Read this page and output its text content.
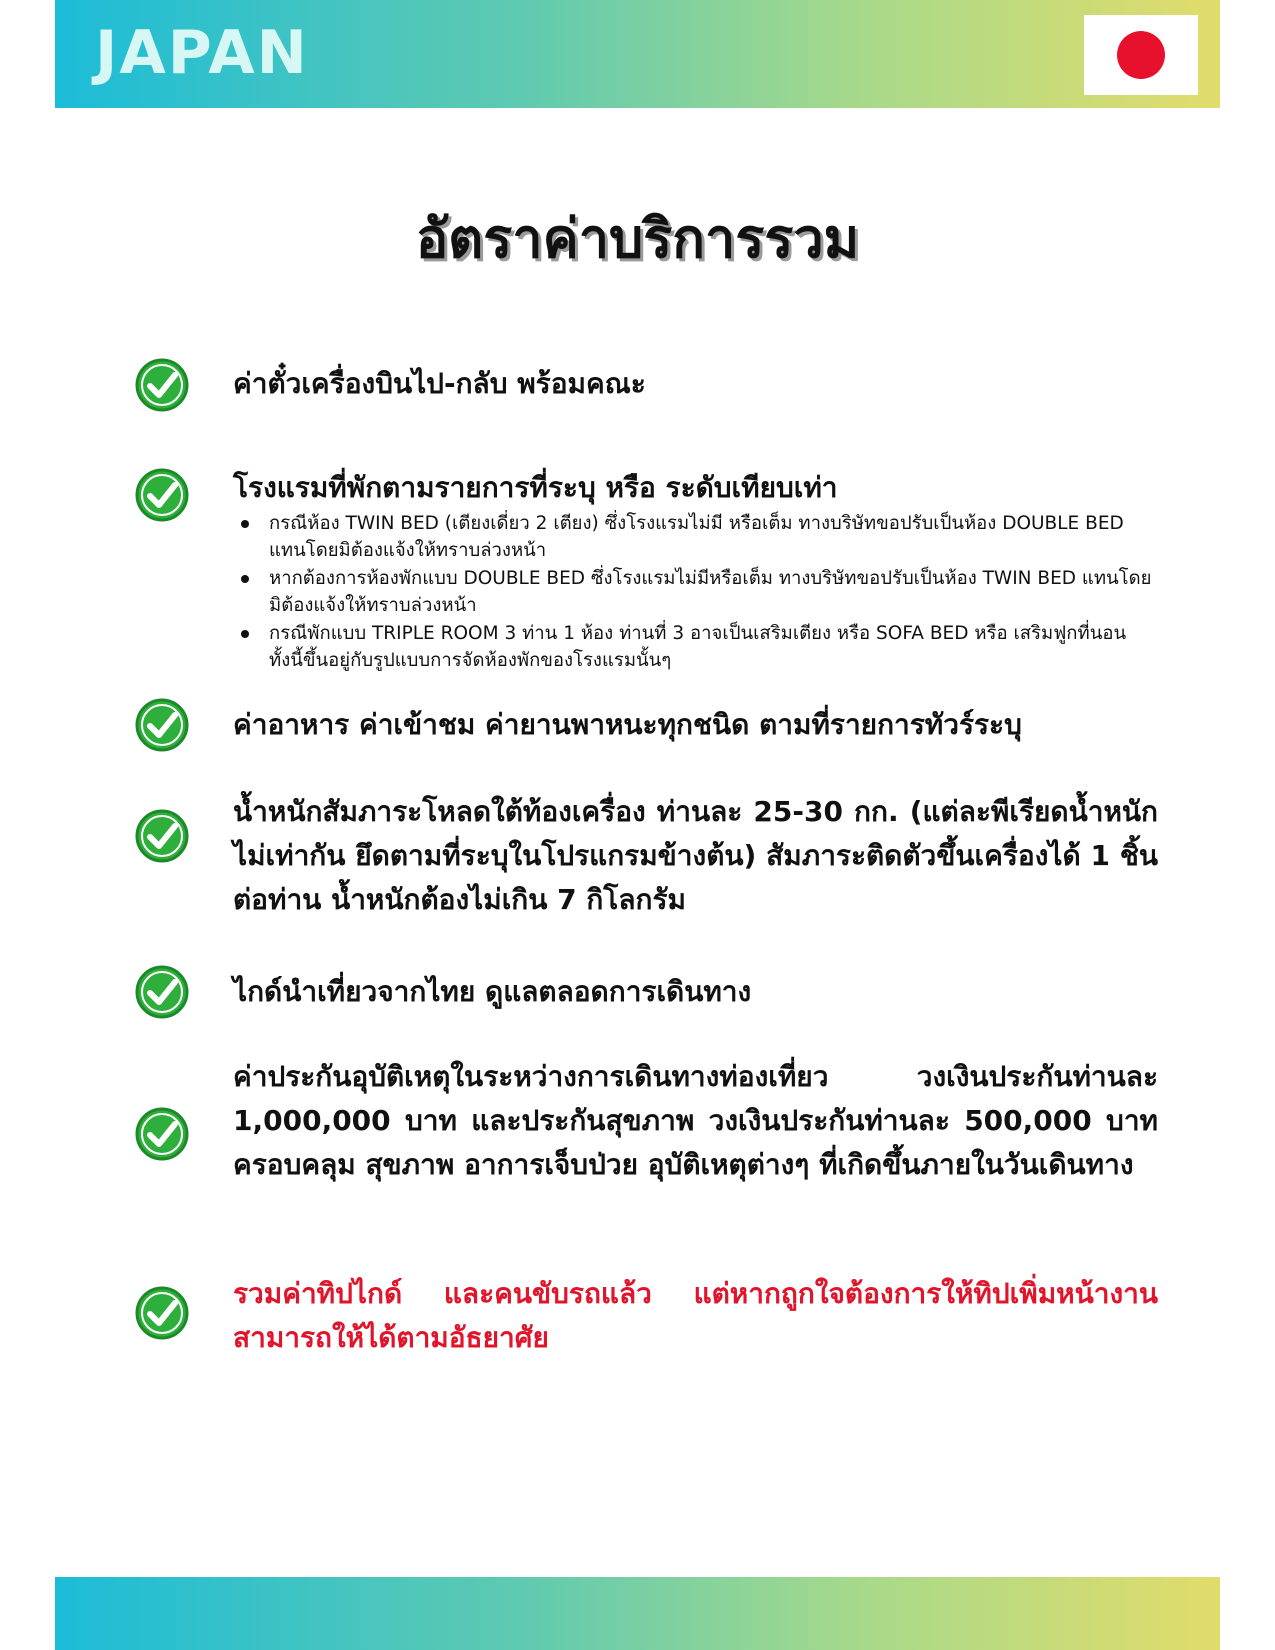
JAPAN
อัตราค่าบริการรวม
ค่าตั๋วเครื่องบินไป-กลับ พร้อมคณะ
โรงแรมที่พักตามรายการที่ระบุ หรือ ระดับเทียบเท่า
กรณีห้อง TWIN BED (เตียงเดี่ยว 2 เตียง) ซึ่งโรงแรมไม่มี หรือเต็ม ทางบริษัทขอปรับเป็นห้อง DOUBLE BED แทนโดยมิต้องแจ้งให้ทราบล่วงหน้า
หากต้องการห้องพักแบบ DOUBLE BED ซึ่งโรงแรมไม่มีหรือเต็ม ทางบริษัทขอปรับเป็นห้อง TWIN BED แทนโดยมิต้องแจ้งให้ทราบล่วงหน้า
กรณีพักแบบ TRIPLE ROOM 3 ท่าน 1 ห้อง ท่านที่ 3 อาจเป็นเสริมเตียง หรือ SOFA BED หรือ เสริมฟูกที่นอน ทั้งนี้ขึ้นอยู่กับรูปแบบการจัดห้องพักของโรงแรมนั้นๆ
ค่าอาหาร ค่าเข้าชม ค่ายานพาหนะทุกชนิด ตามที่รายการทัวร์ระบุ
น้ำหนักสัมภาระโหลดใต้ท้องเครื่อง ท่านละ 25-30 กก. (แต่ละพีเรียดน้ำหนักไม่เท่ากัน ยึดตามที่ระบุในโปรแกรมข้างต้น) สัมภาระติดตัวขึ้นเครื่องได้ 1 ชิ้น ต่อท่าน น้ำหนักต้องไม่เกิน 7 กิโลกรัม
ไกด์นำเที่ยวจากไทย ดูแลตลอดการเดินทาง
ค่าประกันอุบัติเหตุในระหว่างการเดินทางท่องเที่ยว วงเงินประกันท่านละ 1,000,000 บาท และประกันสุขภาพ วงเงินประกันท่านละ 500,000 บาท ครอบคลุม สุขภาพ อาการเจ็บป่วย อุบัติเหตุต่างๆ ที่เกิดขึ้นภายในวันเดินทาง
รวมค่าทิปไกด์ และคนขับรถแล้ว แต่หากถูกใจต้องการให้ทิปเพิ่มหน้างาน สามารถให้ได้ตามอัธยาศัย
